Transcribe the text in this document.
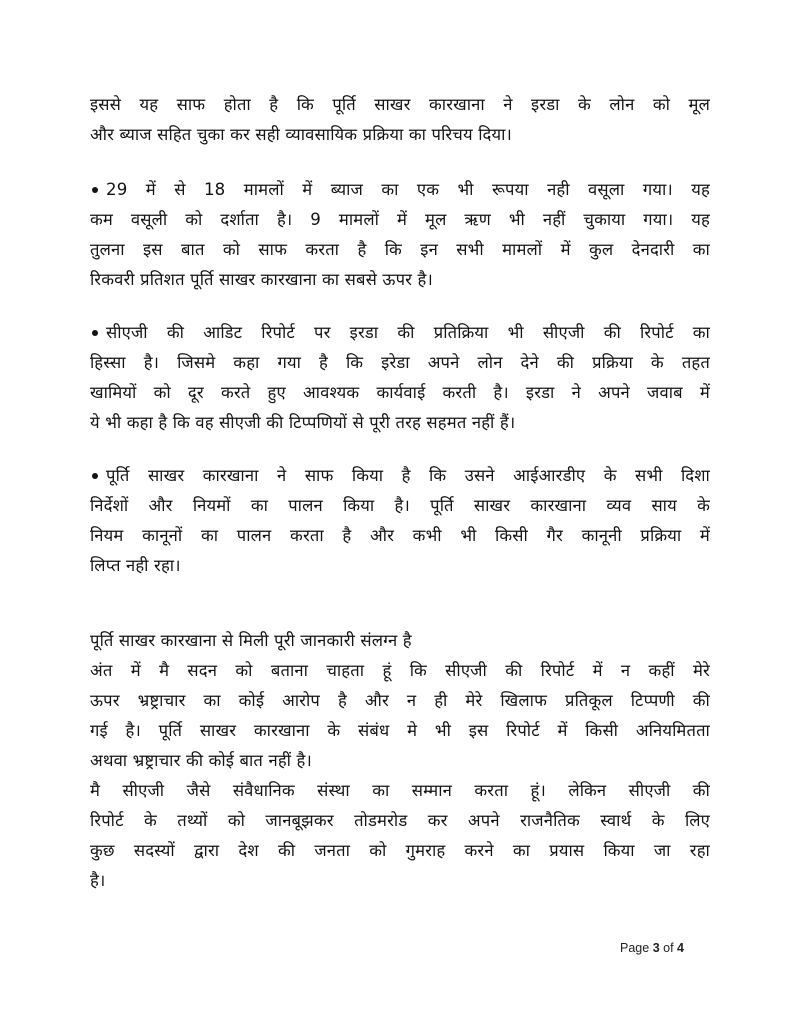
इससे यह साफ होता है कि पूर्ति साखर कारखाना ने इरडा के लोन को मूल
और ब्याज सहित चुका कर सही व्यावसायिक प्रक्रिया का परिचय दिया।
29 में से 18 मामलों में ब्याज का एक भी रूपया नही वसूला गया। यह
कम वसूली को दर्शाता है। 9 मामलों में मूल ऋण भी नहीं चुकाया गया। यह
तुलना इस बात को साफ करता है कि इन सभी मामलों में कुल देनदारी का
रिकवरी प्रतिशत पूर्ति साखर कारखाना का सबसे ऊपर है।
सीएजी की आडिट रिपोर्ट पर इरडा की प्रतिक्रिया भी सीएजी की रिपोर्ट का
हिस्सा है। जिसमे कहा गया है कि इरेडा अपने लोन देने की प्रक्रिया के तहत
खामियों को दूर करते हुए आवश्यक कार्यवाई करती है। इरडा ने अपने जवाब में
ये भी कहा है कि वह सीएजी की टिप्पणियों से पूरी तरह सहमत नहीं हैं।
पूर्ति साखर कारखाना ने साफ किया है कि उसने आईआरडीए के सभी दिशा
निर्देशों और नियमों का पालन किया है। पूर्ति साखर कारखाना व्यव साय के
नियम कानूनों का पालन करता है और कभी भी किसी गैर कानूनी प्रक्रिया में
लिप्त नही रहा।
पूर्ति साखर कारखाना से मिली पूरी जानकारी संलग्न है
अंत में मै सदन को बताना चाहता हूं कि सीएजी की रिपोर्ट में न कहीं मेरे
ऊपर भ्रष्ट्राचार का कोई आरोप है और न ही मेरे खिलाफ प्रतिकूल टिप्पणी की
गई है। पूर्ति साखर कारखाना के संबंध मे भी इस रिपोर्ट में किसी अनियमितता
अथवा भ्रष्ट्राचार की कोई बात नहीं है।
मै सीएजी जैसे संवैधानिक संस्था का सम्मान करता हूं। लेकिन सीएजी की
रिपोर्ट के तथ्यों को जानबूझकर तोडमरोड कर अपने राजनैतिक स्वार्थ के लिए
कुछ सदस्यों द्वारा देश की जनता को गुमराह करने का प्रयास किया जा रहा
है।
Page 3 of 4
